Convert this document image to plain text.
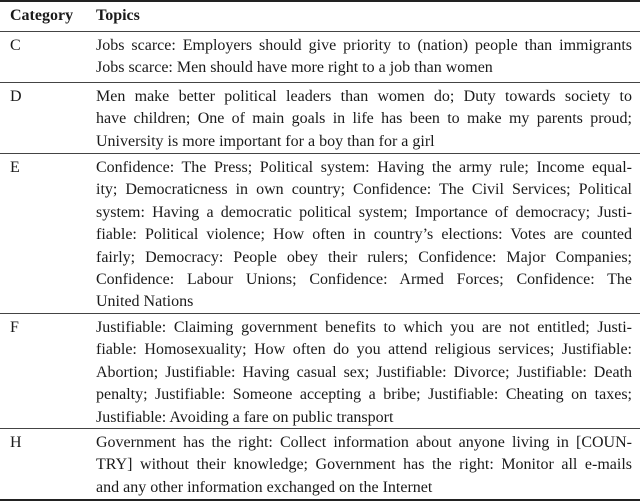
Category	Topics
C	Jobs scarce: Employers should give priority to (nation) people than immigrants
Jobs scarce: Men should have more right to a job than women
D	Men make better political leaders than women do; Duty towards society to
have children; One of main goals in life has been to make my parents proud;
University is more important for a boy than for a girl
E	Confidence: The Press; Political system: Having the army rule; Income equal-
ity; Democraticness in own country; Confidence: The Civil Services; Political
system: Having a democratic political system; Importance of democracy; Justi-
fiable: Political violence; How often in country’s elections: Votes are counted
fairly; Democracy: People obey their rulers; Confidence: Major Companies;
Confidence: Labour Unions; Confidence: Armed Forces; Confidence: The
United Nations
F	Justifiable: Claiming government benefits to which you are not entitled; Justi-
fiable: Homosexuality; How often do you attend religious services; Justifiable:
Abortion; Justifiable: Having casual sex; Justifiable: Divorce; Justifiable: Death
penalty; Justifiable: Someone accepting a bribe; Justifiable: Cheating on taxes;
Justifiable: Avoiding a fare on public transport
H	Government has the right: Collect information about anyone living in [COUN-
TRY] without their knowledge; Government has the right: Monitor all e-mails
and any other information exchanged on the Internet
